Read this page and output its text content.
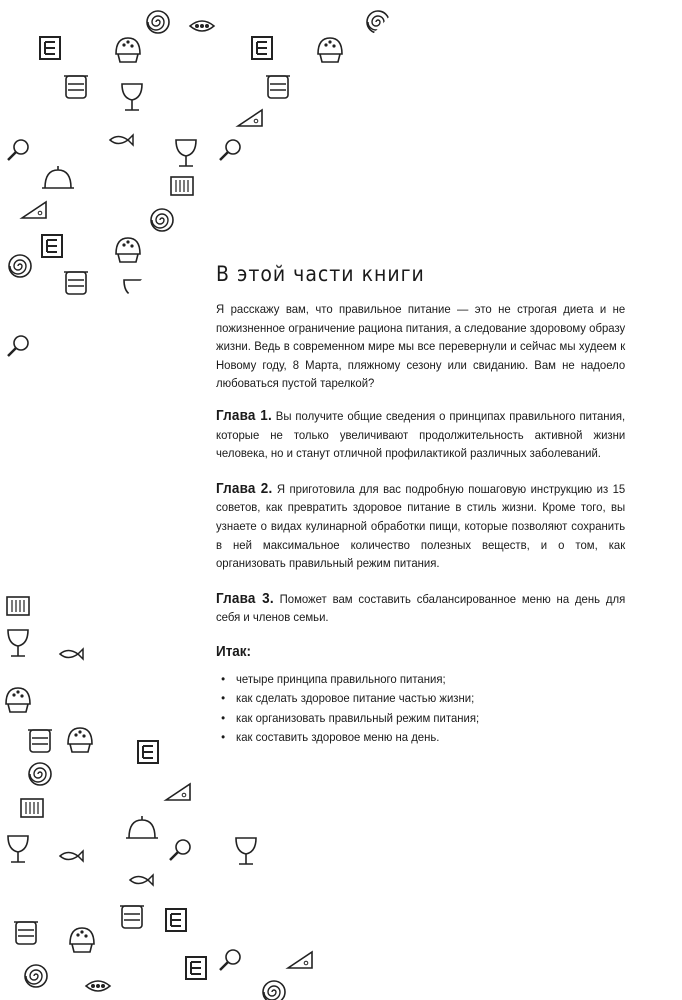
В этой части книги

Я расскажу вам, что правильное питание — это не строгая диета и не пожизненное ограничение рациона питания, а следование здоровому образу жизни. Ведь в современном мире мы все перевернули и сейчас мы худеем к Новому году, 8 Марта, пляжному сезону или свиданию. Вам не надоело любоваться пустой тарелкой?

Глава 1. Вы получите общие сведения о принципах правильного питания, которые не только увеличивают продолжительность активной жизни человека, но и станут отличной профилактикой различных заболеваний.

Глава 2. Я приготовила для вас подробную пошаговую инструкцию из 15 советов, как превратить здоровое питание в стиль жизни. Кроме того, вы узнаете о видах кулинарной обработки пищи, которые позволяют сохранить в ней максимальное количество полезных веществ, и о том, как организовать правильный режим питания.

Глава 3. Поможет вам составить сбалансированное меню на день для себя и членов семьи.

Итак:
• четыре принципа правильного питания;
• как сделать здоровое питание частью жизни;
• как организовать правильный режим питания;
• как составить здоровое меню на день.
